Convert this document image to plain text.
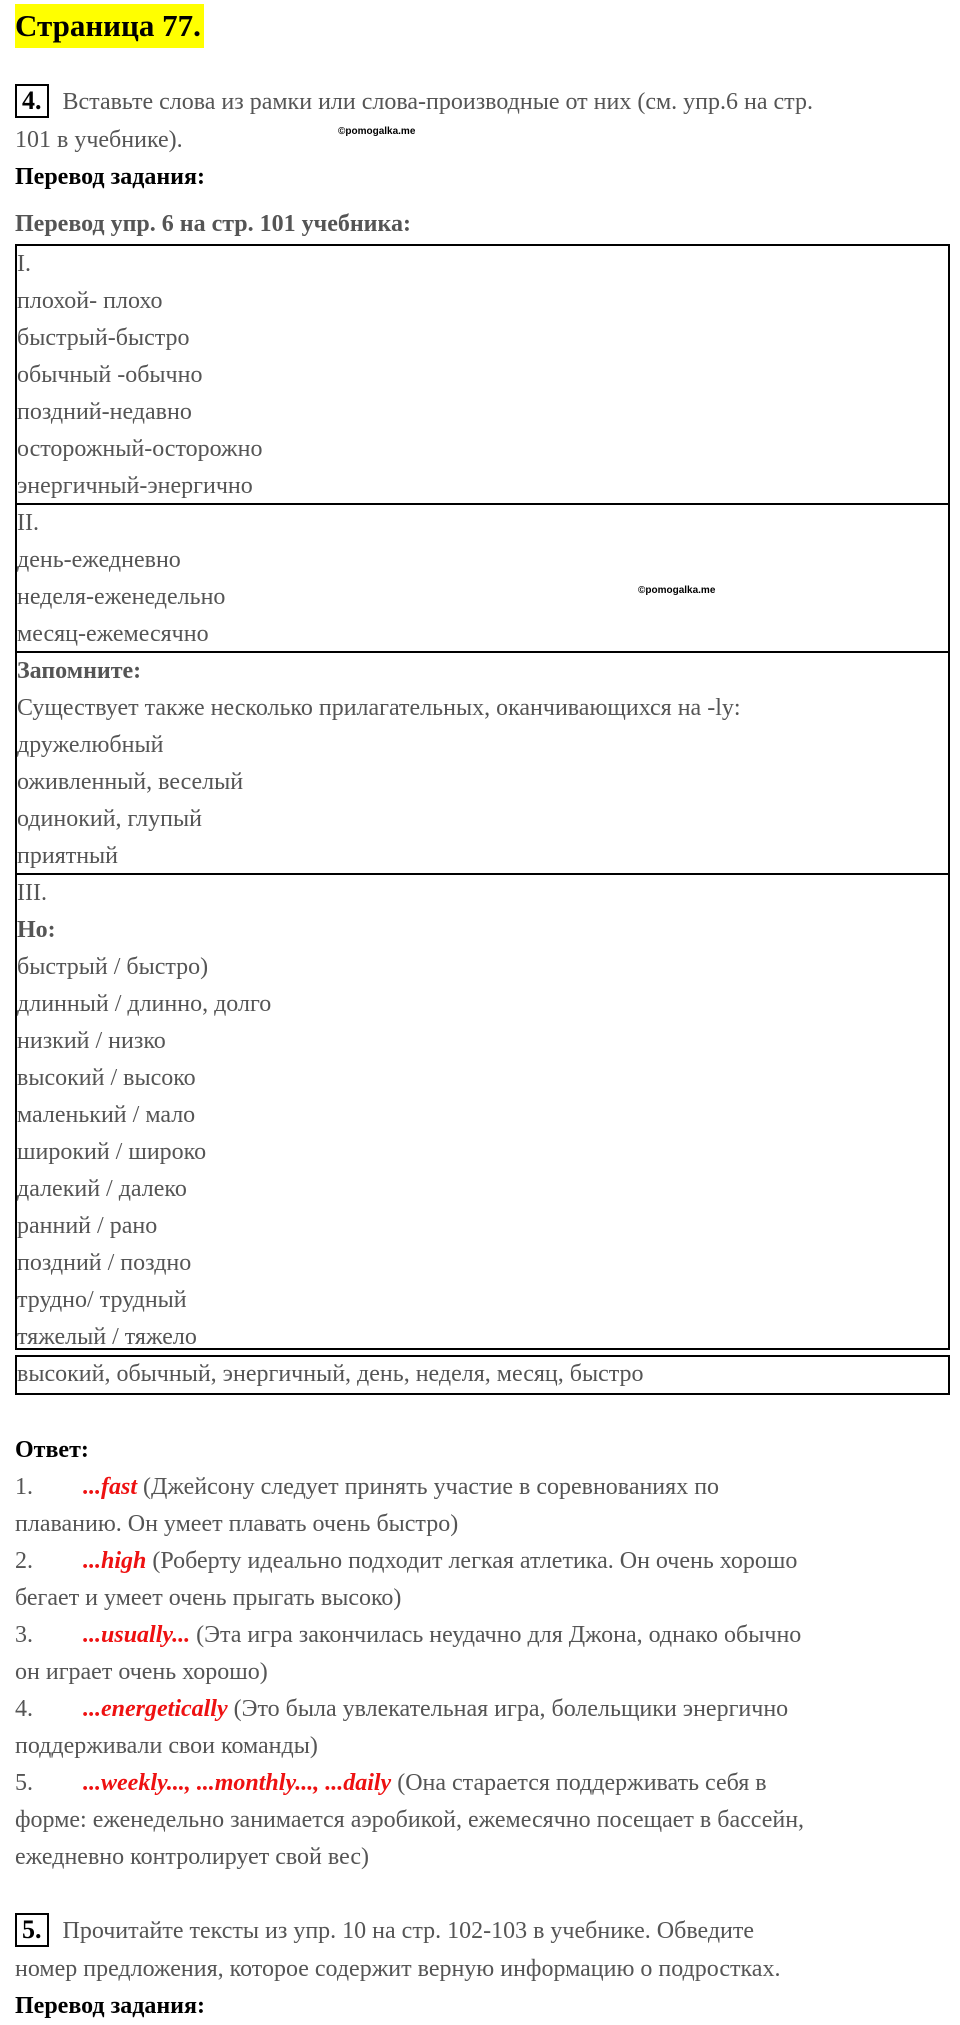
Страница 77.
4. Вставьте слова из рамки или слова-производные от них (см. упр.6 на стр.
101 в учебнике).	©pomogalka.me
Перевод задания:
Перевод упр. 6 на стр. 101 учебника:
I.
плохой- плохо
быстрый-быстро
обычный -обычно
поздний-недавно
осторожный-осторожно
энергичный-энергично
II.
день-ежедневно
неделя-еженедельно
месяц-ежемесячно
Запомните:
Существует также несколько прилагательных, оканчивающихся на -ly:
дружелюбный
оживленный, веселый
одинокий, глупый
приятный
III.
Но:
быстрый / быстро)
длинный / длинно, долго
низкий / низко
высокий / высоко
маленький / мало
широкий / широко
далекий / далеко
ранний / рано
поздний / поздно
трудно/ трудный
тяжелый / тяжело
©pomogalka.me
высокий, обычный, энергичный, день, неделя, месяц, быстро
Ответ:
1. ...fast (Джейсону следует принять участие в соревнованиях по
плаванию. Он умеет плавать очень быстро)
2. ...high (Роберту идеально подходит легкая атлетика. Он очень хорошо
бегает и умеет очень прыгать высоко)
3. ...usually... (Эта игра закончилась неудачно для Джона, однако обычно
он играет очень хорошо)
4. ...energetically (Это была увлекательная игра, болельщики энергично
поддерживали свои команды)
5. ...weekly..., ...monthly..., ...daily (Она старается поддерживать себя в
форме: еженедельно занимается аэробикой, ежемесячно посещает в бассейн,
ежедневно контролирует свой вес)
5. Прочитайте тексты из упр. 10 на стр. 102-103 в учебнике. Обведите
номер предложения, которое содержит верную информацию о подростках.
Перевод задания:
